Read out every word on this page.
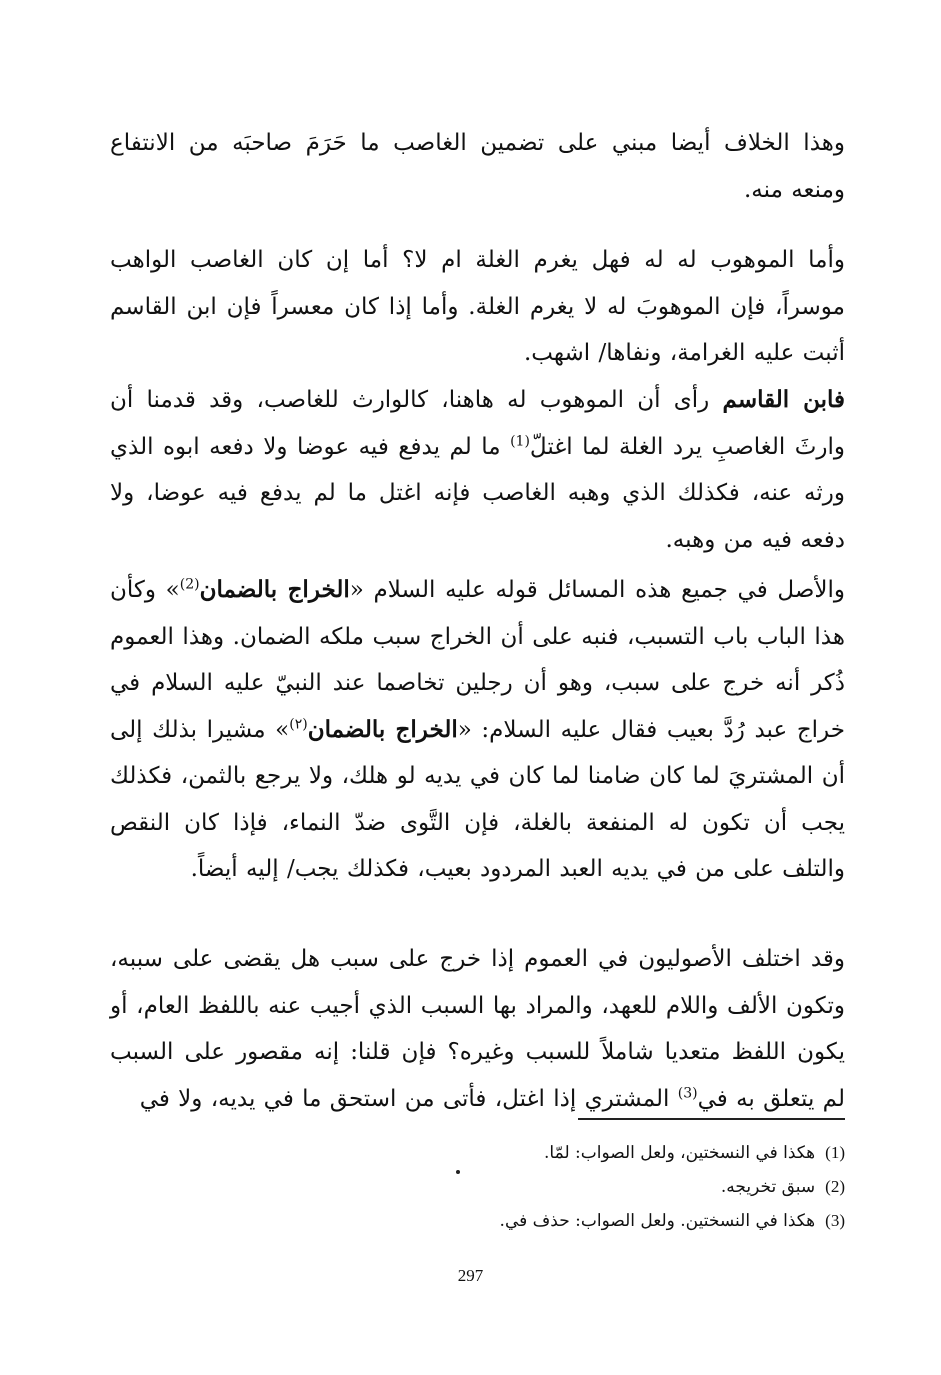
وهذا الخلاف أيضا مبني على تضمين الغاصب ما حَرَمَ صاحبَه من الانتفاع ومنعه منه.

وأما الموهوب له له فهل يغرم الغلة ام لا؟ أما إن كان الغاصب الواهب موسراً، فإن الموهوبَ له لا يغرم الغلة. وأما إذا كان معسراً فإن ابن القاسم أثبت عليه الغرامة، ونفاها/ اشهب.

فابن القاسم رأى أن الموهوب له هاهنا، كالوارث للغاصب، وقد قدمنا أن وارثَ الغاصبِ يرد الغلة لما اغتلّ$^{(1)}$ ما لم يدفع فيه عوضا ولا دفعه ابوه الذي ورثه عنه، فكذلك الذي وهبه الغاصب فإنه اغتل ما لم يدفع فيه عوضا، ولا دفعه فيه من وهبه.

والأصل في جميع هذه المسائل قوله عليه السلام «الخراج بالضمان$^{(2)}$» وكأن هذا الباب باب التسبب، فنبه على أن الخراج سبب ملكه الضمان. وهذا العموم ذُكر أنه خرج على سبب، وهو أن رجلين تخاصما عند النبيّ عليه السلام في خراج عبد رُدَّ بعيب فقال عليه السلام: «الخراج بالضمان$^{(٢)}$» مشيرا بذلك إلى أن المشتريَ لما كان ضامنا لما كان في يديه لو هلك، ولا يرجع بالثمن، فكذلك يجب أن تكون له المنفعة بالغلة، فإن التَّوى ضدّ النماء، فإذا كان النقص والتلف على من في يديه العبد المردود بعيب، فكذلك يجب/ إليه أيضاً.

وقد اختلف الأصوليون في العموم إذا خرج على سبب هل يقضى على سببه، وتكون الألف واللام للعهد، والمراد بها السبب الذي أجيب عنه باللفظ العام، أو يكون اللفظ متعديا شاملاً للسبب وغيره؟ فإن قلنا: إنه مقصور على السبب لم يتعلق به في$^{(3)}$ المشتري إذا اغتل، فأتى من استحق ما في يديه، ولا في

(1)هكذا في النسختين، ولعل الصواب: لمّا.
(2)سبق تخريجه.
(3)هكذا في النسختين. ولعل الصواب: حذف في.
297
